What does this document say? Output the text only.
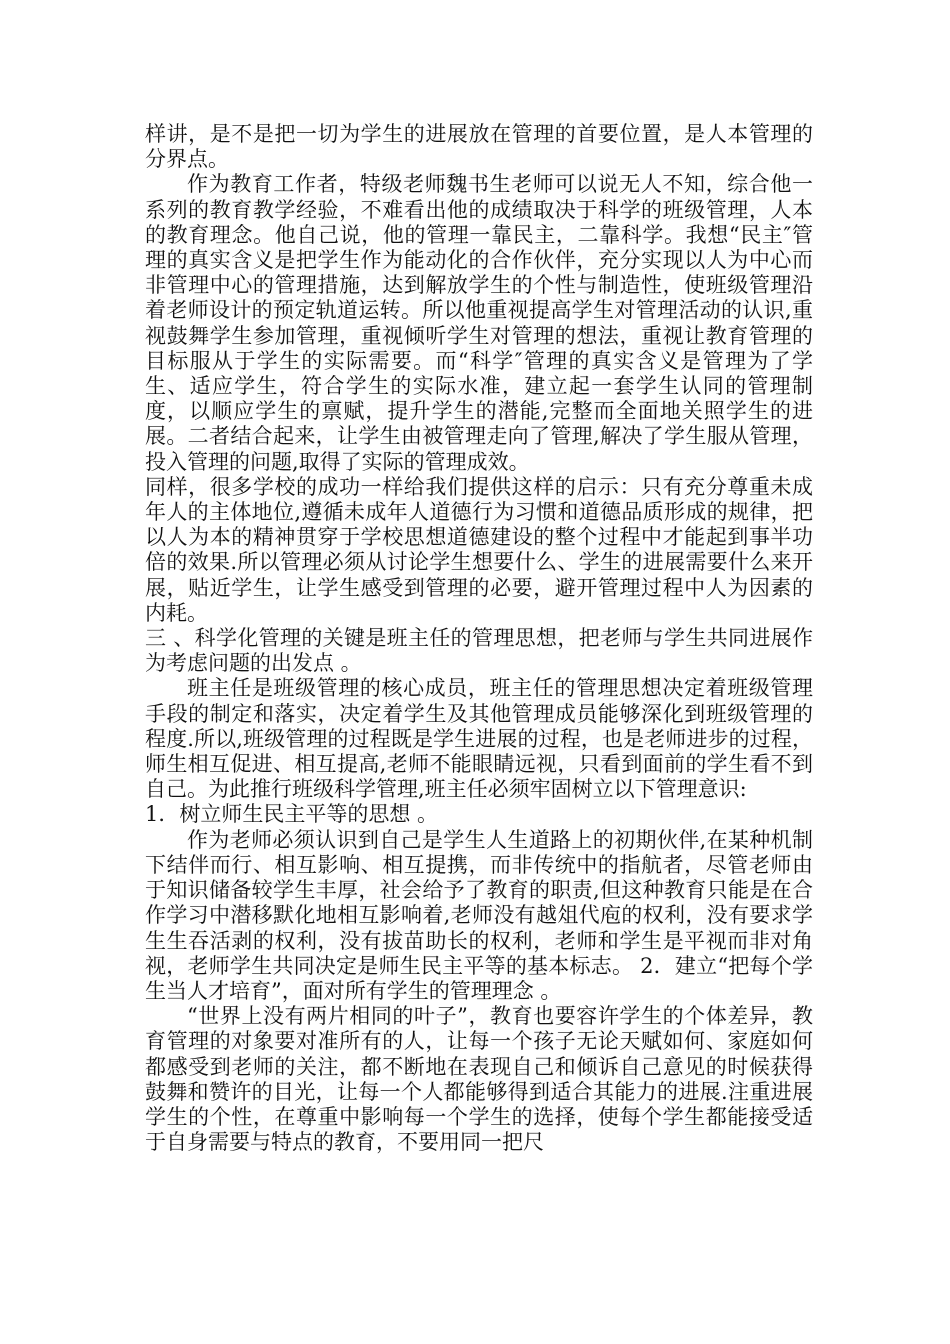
样讲，是不是把一切为学生的进展放在管理的首要位置，是人本管理的分界点。

作为教育工作者，特级老师魏书生老师可以说无人不知，综合他一系列的教育教学经验，不难看出他的成绩取决于科学的班级管理，人本的教育理念。他自己说，他的管理一靠民主，二靠科学。我想“民主″管理的真实含义是把学生作为能动化的合作伙伴，充分实现以人为中心而非管理中心的管理措施，达到解放学生的个性与制造性，使班级管理沿着老师设计的预定轨道运转。所以他重视提高学生对管理活动的认识,重视鼓舞学生参加管理，重视倾听学生对管理的想法，重视让教育管理的目标服从于学生的实际需要。而“科学″管理的真实含义是管理为了学生、适应学生，符合学生的实际水准，建立起一套学生认同的管理制度，以顺应学生的禀赋，提升学生的潜能,完整而全面地关照学生的进展。二者结合起来，让学生由被管理走向了管理,解决了学生服从管理，投入管理的问题,取得了实际的管理成效。

同样，很多学校的成功一样给我们提供这样的启示：只有充分尊重未成年人的主体地位,遵循未成年人道德行为习惯和道德品质形成的规律，把以人为本的精神贯穿于学校思想道德建设的整个过程中才能起到事半功倍的效果.所以管理必须从讨论学生想要什么、学生的进展需要什么来开展，贴近学生，让学生感受到管理的必要，避开管理过程中人为因素的内耗。

三 、科学化管理的关键是班主任的管理思想，把老师与学生共同进展作为考虑问题的出发点 。

班主任是班级管理的核心成员，班主任的管理思想决定着班级管理手段的制定和落实，决定着学生及其他管理成员能够深化到班级管理的程度.所以,班级管理的过程既是学生进展的过程，也是老师进步的过程，师生相互促进、相互提高,老师不能眼睛远视，只看到面前的学生看不到自己。为此推行班级科学管理,班主任必须牢固树立以下管理意识:

1．树立师生民主平等的思想 。

作为老师必须认识到自己是学生人生道路上的初期伙伴,在某种机制下结伴而行、相互影响、相互提携，而非传统中的指航者，尽管老师由于知识储备较学生丰厚，社会给予了教育的职责,但这种教育只能是在合作学习中潜移默化地相互影响着,老师没有越俎代庖的权利，没有要求学生生吞活剥的权利，没有拔苗助长的权利，老师和学生是平视而非对角视，老师学生共同决定是师生民主平等的基本标志。 2．建立“把每个学生当人才培育”，面对所有学生的管理理念 。

“世界上没有两片相同的叶子”，教育也要容许学生的个体差异，教育管理的对象要对准所有的人，让每一个孩子无论天赋如何、家庭如何都感受到老师的关注，都不断地在表现自己和倾诉自己意见的时候获得鼓舞和赞许的目光，让每一个人都能够得到适合其能力的进展.注重进展学生的个性，在尊重中影响每一个学生的选择，使每个学生都能接受适于自身需要与特点的教育，不要用同一把尺
